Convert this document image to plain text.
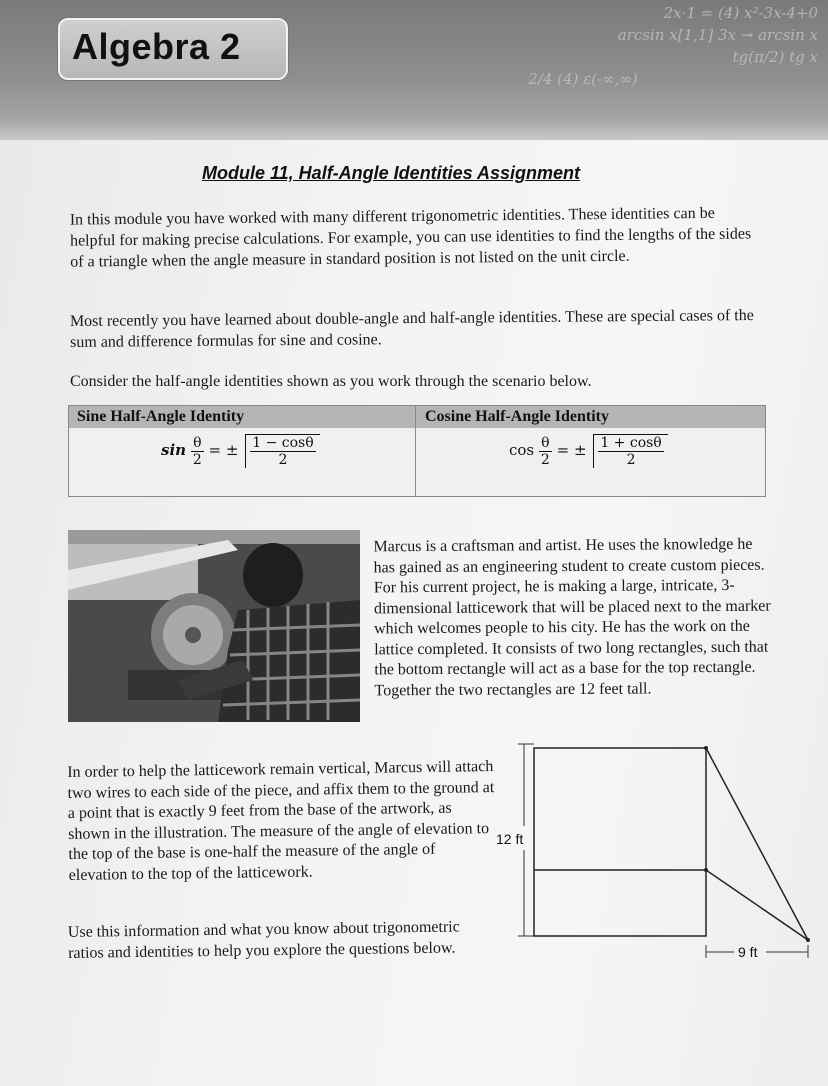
2x·1 = (4) x²-3x-4+0
arcsin x[1,1] 3x → arcsin x
tg(π/2) tg x
2/4 (4) ε(-∞,∞)
Algebra 2
Module 11, Half-Angle Identities Assignment
In this module you have worked with many different trigonometric identities. These identities can be helpful for making precise calculations. For example, you can use identities to find the lengths of the sides of a triangle when the angle measure in standard position is not listed on the unit circle.
Most recently you have learned about double-angle and half-angle identities. These are special cases of the sum and difference formulas for sine and cosine.
Consider the half-angle identities shown as you work through the scenario below.
Sine Half-Angle Identity	Cosine Half-Angle Identity
$\sin \frac{\theta}{2}$ = ± $\frac{1 - \cos\theta}{2}$	$\cos \frac{\theta}{2}$ = ± $\frac{1 + \cos\theta}{2}$
Marcus is a craftsman and artist. He uses the knowledge he has gained as an engineering student to create custom pieces. For his current project, he is making a large, intricate, 3-dimensional latticework that will be placed next to the marker which welcomes people to his city. He has the work on the lattice completed. It consists of two long rectangles, such that the bottom rectangle will act as a base for the top rectangle. Together the two rectangles are 12 feet tall.
In order to help the latticework remain vertical, Marcus will attach two wires to each side of the piece, and affix them to the ground at a point that is exactly 9 feet from the base of the artwork, as shown in the illustration. The measure of the angle of elevation to the top of the base is one-half the measure of the angle of elevation to the top of the latticework.
Use this information and what you know about trigonometric ratios and identities to help you explore the questions below.
12 ft
9 ft
